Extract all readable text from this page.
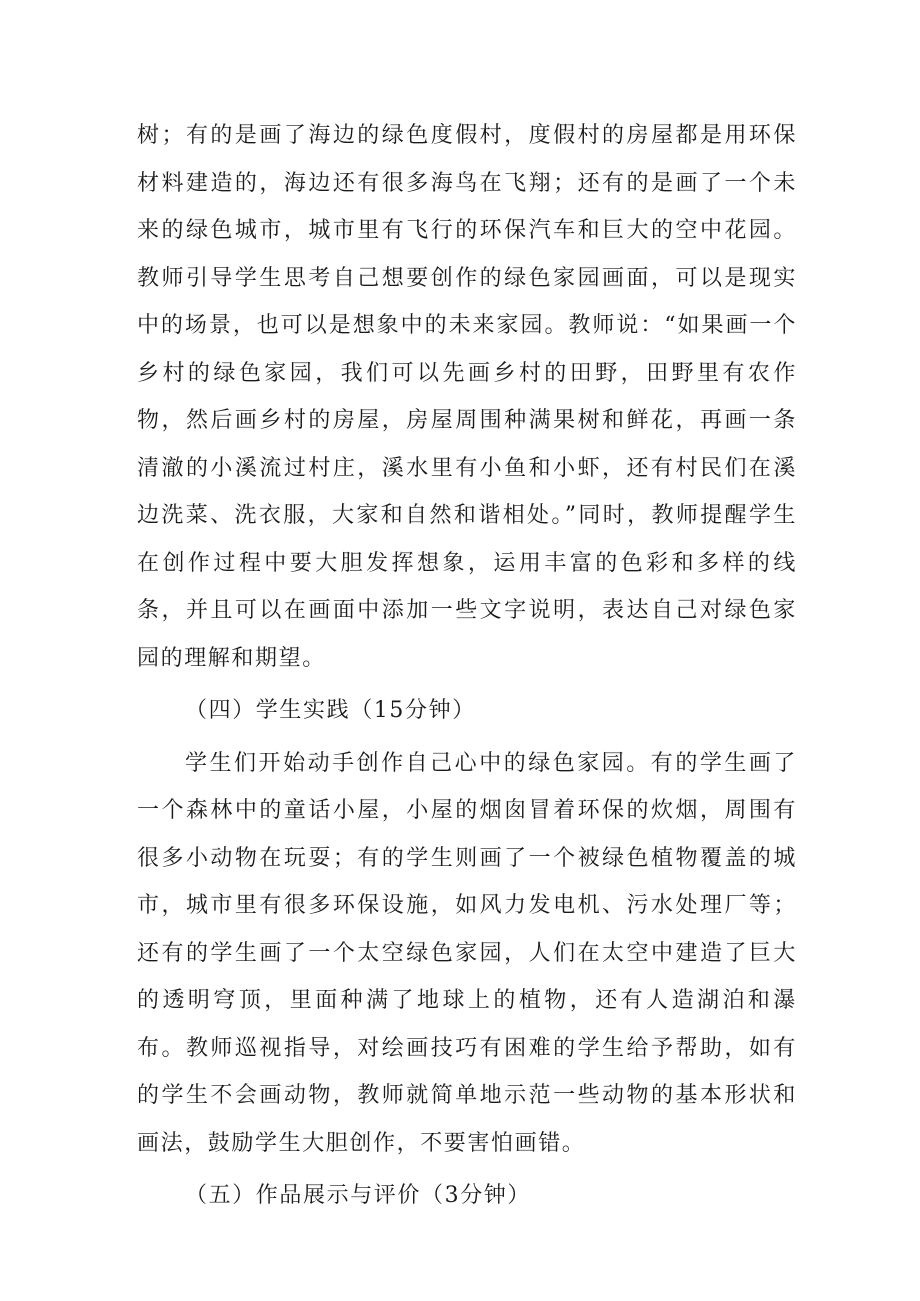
树；有的是画了海边的绿色度假村，度假村的房屋都是用环保材料建造的，海边还有很多海鸟在飞翔；还有的是画了一个未来的绿色城市，城市里有飞行的环保汽车和巨大的空中花园。教师引导学生思考自己想要创作的绿色家园画面，可以是现实中的场景，也可以是想象中的未来家园。教师说：“如果画一个乡村的绿色家园，我们可以先画乡村的田野，田野里有农作物，然后画乡村的房屋，房屋周围种满果树和鲜花，再画一条清澈的小溪流过村庄，溪水里有小鱼和小虾，还有村民们在溪边洗菜、洗衣服，大家和自然和谐相处。”同时，教师提醒学生在创作过程中要大胆发挥想象，运用丰富的色彩和多样的线条，并且可以在画面中添加一些文字说明，表达自己对绿色家园的理解和期望。

（四）学生实践（15分钟）

学生们开始动手创作自己心中的绿色家园。有的学生画了一个森林中的童话小屋，小屋的烟囱冒着环保的炊烟，周围有很多小动物在玩耍；有的学生则画了一个被绿色植物覆盖的城市，城市里有很多环保设施，如风力发电机、污水处理厂等；还有的学生画了一个太空绿色家园，人们在太空中建造了巨大的透明穹顶，里面种满了地球上的植物，还有人造湖泊和瀑布。教师巡视指导，对绘画技巧有困难的学生给予帮助，如有的学生不会画动物，教师就简单地示范一些动物的基本形状和画法，鼓励学生大胆创作，不要害怕画错。

（五）作品展示与评价（3分钟）
